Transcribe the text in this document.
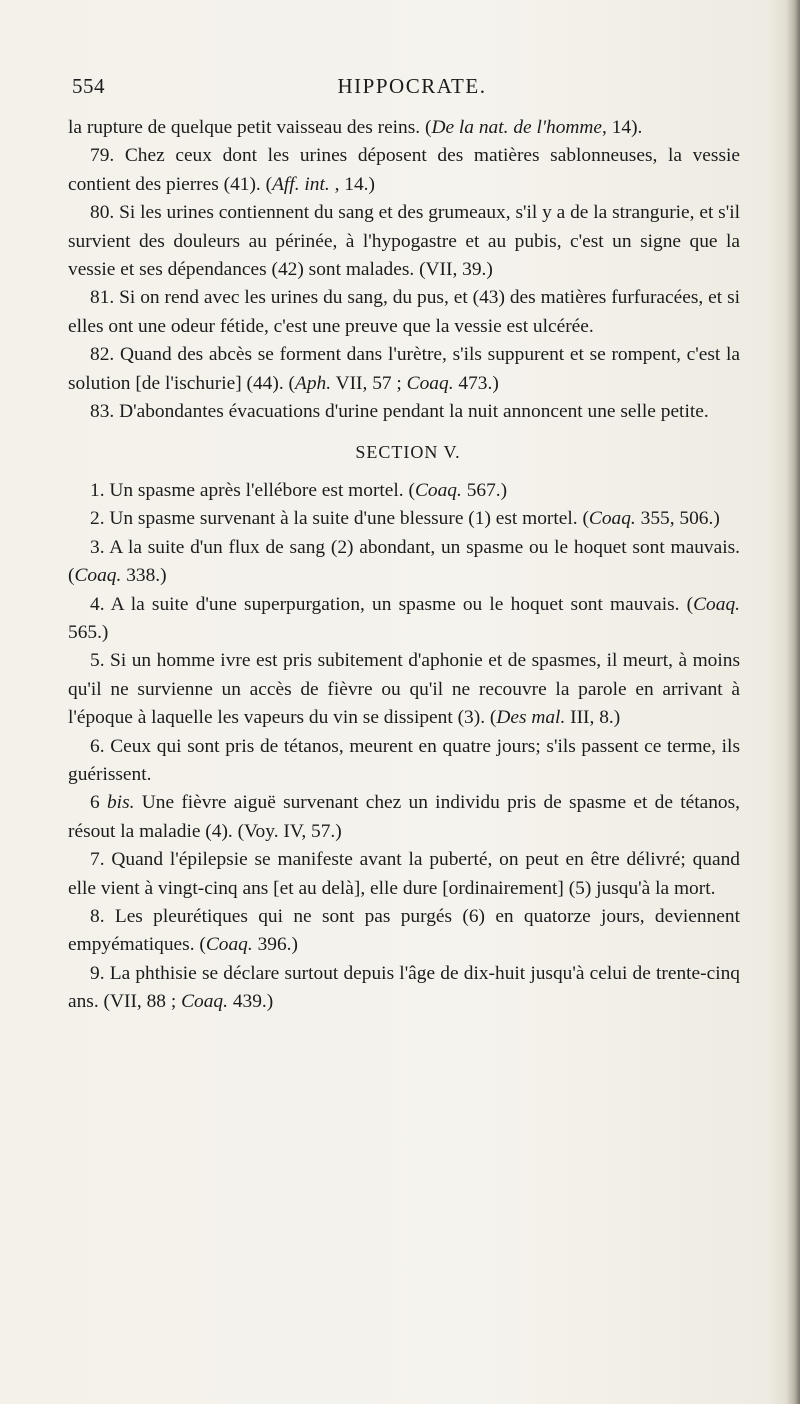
554	HIPPOCRATE.

la rupture de quelque petit vaisseau des reins. (De la nat. de l'homme, 14).

79. Chez ceux dont les urines déposent des matières sablonneuses, la vessie contient des pierres (41). (Aff. int. , 14.)

80. Si les urines contiennent du sang et des grumeaux, s'il y a de la strangurie, et s'il survient des douleurs au périnée, à l'hypogastre et au pubis, c'est un signe que la vessie et ses dépendances (42) sont malades. (VII, 39.)

81. Si on rend avec les urines du sang, du pus, et (43) des matières furfuracées, et si elles ont une odeur fétide, c'est une preuve que la vessie est ulcérée.

82. Quand des abcès se forment dans l'urètre, s'ils suppurent et se rompent, c'est la solution [de l'ischurie] (44). (Aph. VII, 57 ; Coaq. 473.)

83. D'abondantes évacuations d'urine pendant la nuit annoncent une selle petite.

SECTION V.

1. Un spasme après l'ellébore est mortel. (Coaq. 567.)

2. Un spasme survenant à la suite d'une blessure (1) est mortel. (Coaq. 355, 506.)

3. A la suite d'un flux de sang (2) abondant, un spasme ou le hoquet sont mauvais. (Coaq. 338.)

4. A la suite d'une superpurgation, un spasme ou le hoquet sont mauvais. (Coaq. 565.)

5. Si un homme ivre est pris subitement d'aphonie et de spasmes, il meurt, à moins qu'il ne survienne un accès de fièvre ou qu'il ne recouvre la parole en arrivant à l'époque à laquelle les vapeurs du vin se dissipent (3). (Des mal. III, 8.)

6. Ceux qui sont pris de tétanos, meurent en quatre jours; s'ils passent ce terme, ils guérissent.

6 bis. Une fièvre aiguë survenant chez un individu pris de spasme et de tétanos, résout la maladie (4). (Voy. IV, 57.)

7. Quand l'épilepsie se manifeste avant la puberté, on peut en être délivré; quand elle vient à vingt-cinq ans [et au delà], elle dure [ordinairement] (5) jusqu'à la mort.

8. Les pleurétiques qui ne sont pas purgés (6) en quatorze jours, deviennent empyématiques. (Coaq. 396.)

9. La phthisie se déclare surtout depuis l'âge de dix-huit jusqu'à celui de trente-cinq ans. (VII, 88 ; Coaq. 439.)
